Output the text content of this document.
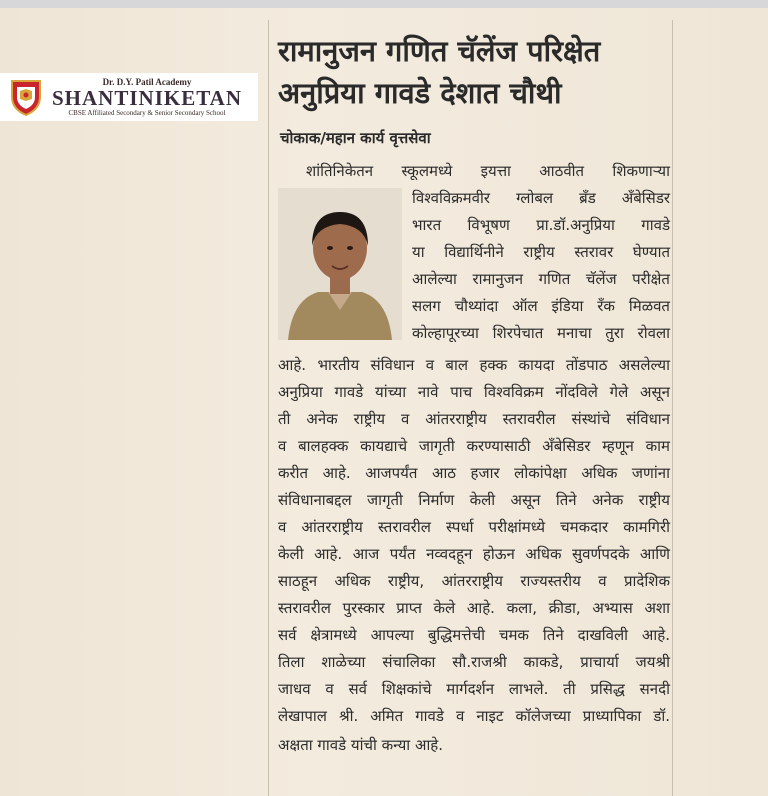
Dr. D.Y. Patil Academy
SHANTINIKETAN
CBSE Affiliated Secondary & Senior Secondary School
रामानुजन गणित चॅलेंज परिक्षेत
अनुप्रिया गावडे देशात चौथी
चोकाक/महान कार्य वृत्तसेवा

शांतिनिकेतन स्कूलमध्ये इयत्ता आठवीत शिकणाऱ्या

विश्वविक्रमवीर ग्लोबल ब्रँड अँबेसिडर

भारत विभूषण प्रा.डॉ.अनुप्रिया गावडे

या विद्यार्थिनीने राष्ट्रीय स्तरावर घेण्यात

आलेल्या रामानुजन गणित चॅलेंज परीक्षेत

सलग चौथ्यांदा ऑल इंडिया रँक मिळवत

कोल्हापूरच्या शिरपेचात मनाचा तुरा रोवला

आहे. भारतीय संविधान व बाल हक्क कायदा तोंडपाठ असलेल्या

अनुप्रिया गावडे यांच्या नावे पाच विश्वविक्रम नोंदविले गेले असून

ती अनेक राष्ट्रीय व आंतरराष्ट्रीय स्तरावरील संस्थांचे संविधान

व बालहक्क कायद्याचे जागृती करण्यासाठी अँबेसिडर म्हणून काम

करीत आहे. आजपर्यंत आठ हजार लोकांपेक्षा अधिक जणांना

संविधानाबद्दल जागृती निर्माण केली असून तिने अनेक राष्ट्रीय

व आंतरराष्ट्रीय स्तरावरील स्पर्धा परीक्षांमध्ये चमकदार कामगिरी

केली आहे. आज पर्यंत नव्वदहून होऊन अधिक सुवर्णपदके आणि

साठहून अधिक राष्ट्रीय, आंतरराष्ट्रीय राज्यस्तरीय व प्रादेशिक

स्तरावरील पुरस्कार प्राप्त केले आहे. कला, क्रीडा, अभ्यास अशा

सर्व क्षेत्रामध्ये आपल्या बुद्धिमत्तेची चमक तिने दाखविली आहे.

तिला शाळेच्या संचालिका सौ.राजश्री काकडे, प्राचार्या जयश्री

जाधव व सर्व शिक्षकांचे मार्गदर्शन लाभले. ती प्रसिद्ध सनदी

लेखापाल श्री. अमित गावडे व नाइट कॉलेजच्या प्राध्यापिका डॉ.

अक्षता गावडे यांची कन्या आहे.
